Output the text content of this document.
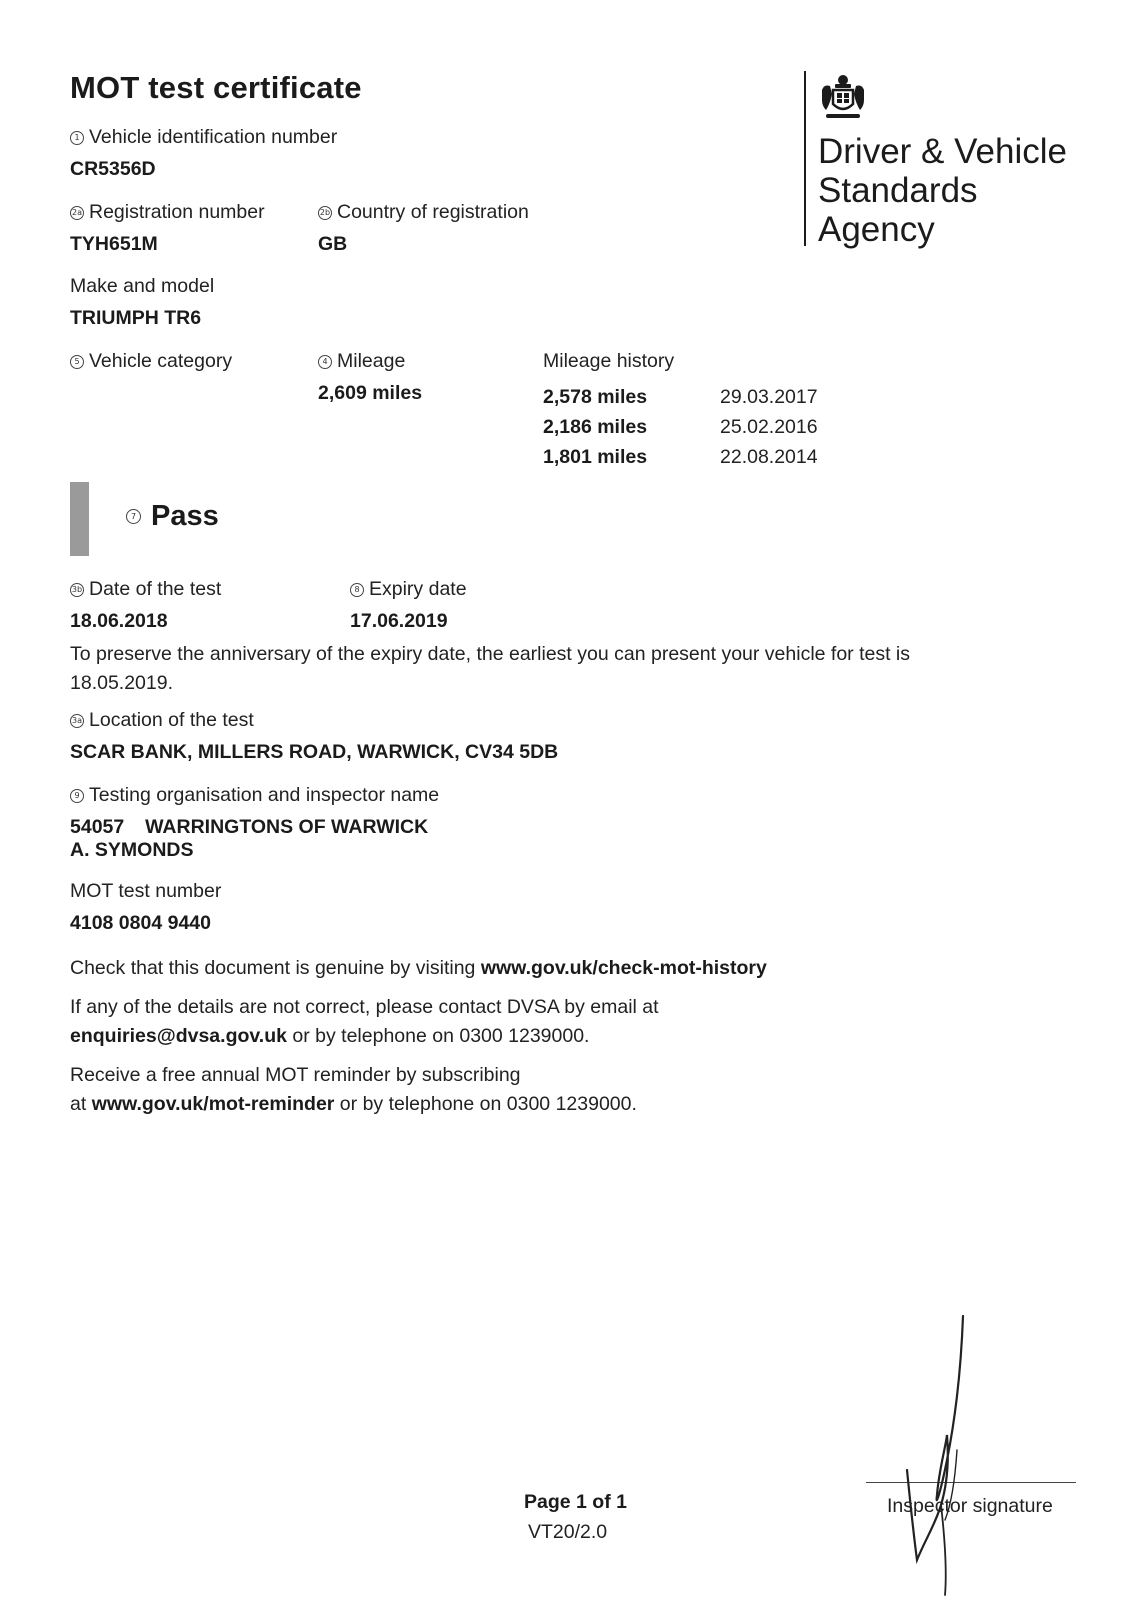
MOT test certificate
Driver & Vehicle
Standards
Agency
1 Vehicle identification number
CR5356D
2a Registration number
TYH651M
2b Country of registration
GB
Make and model
TRIUMPH TR6
5 Vehicle category	4 Mileage
2,609 miles
Mileage history
2,578 miles
2,186 miles
1,801 miles
29.03.2017
25.02.2016
22.08.2014
7 Pass
3b Date of the test
18.06.2018
8 Expiry date
17.06.2019
To preserve the anniversary of the expiry date, the earliest you can present your vehicle for test is
18.05.2019.
3a Location of the test
SCAR BANK, MILLERS ROAD, WARWICK, CV34 5DB
9 Testing organisation and inspector name
54057 WARRINGTONS OF WARWICK
A. SYMONDS
MOT test number
4108 0804 9440
Check that this document is genuine by visiting www.gov.uk/check-mot-history
If any of the details are not correct, please contact DVSA by email at
enquiries@dvsa.gov.uk or by telephone on 0300 1239000.
Receive a free annual MOT reminder by subscribing
at www.gov.uk/mot-reminder or by telephone on 0300 1239000.
Page 1 of 1
VT20/2.0
Inspector signature
